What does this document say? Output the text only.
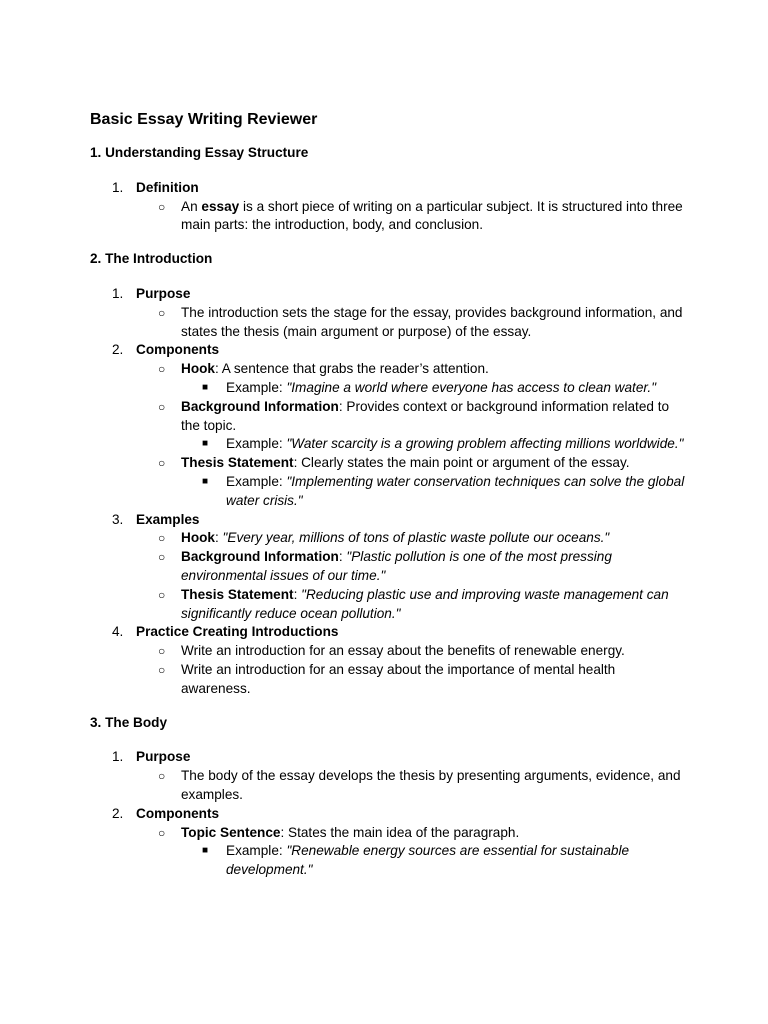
Basic Essay Writing Reviewer
1. Understanding Essay Structure
1. Definition
○ An essay is a short piece of writing on a particular subject. It is structured into three main parts: the introduction, body, and conclusion.
2. The Introduction
1. Purpose
○ The introduction sets the stage for the essay, provides background information, and states the thesis (main argument or purpose) of the essay.
2. Components
○ Hook: A sentence that grabs the reader’s attention.
■ Example: "Imagine a world where everyone has access to clean water."
○ Background Information: Provides context or background information related to the topic.
■ Example: "Water scarcity is a growing problem affecting millions worldwide."
○ Thesis Statement: Clearly states the main point or argument of the essay.
■ Example: "Implementing water conservation techniques can solve the global water crisis."
3. Examples
○ Hook: "Every year, millions of tons of plastic waste pollute our oceans."
○ Background Information: "Plastic pollution is one of the most pressing environmental issues of our time."
○ Thesis Statement: "Reducing plastic use and improving waste management can significantly reduce ocean pollution."
4. Practice Creating Introductions
○ Write an introduction for an essay about the benefits of renewable energy.
○ Write an introduction for an essay about the importance of mental health awareness.
3. The Body
1. Purpose
○ The body of the essay develops the thesis by presenting arguments, evidence, and examples.
2. Components
○ Topic Sentence: States the main idea of the paragraph.
■ Example: "Renewable energy sources are essential for sustainable development."
